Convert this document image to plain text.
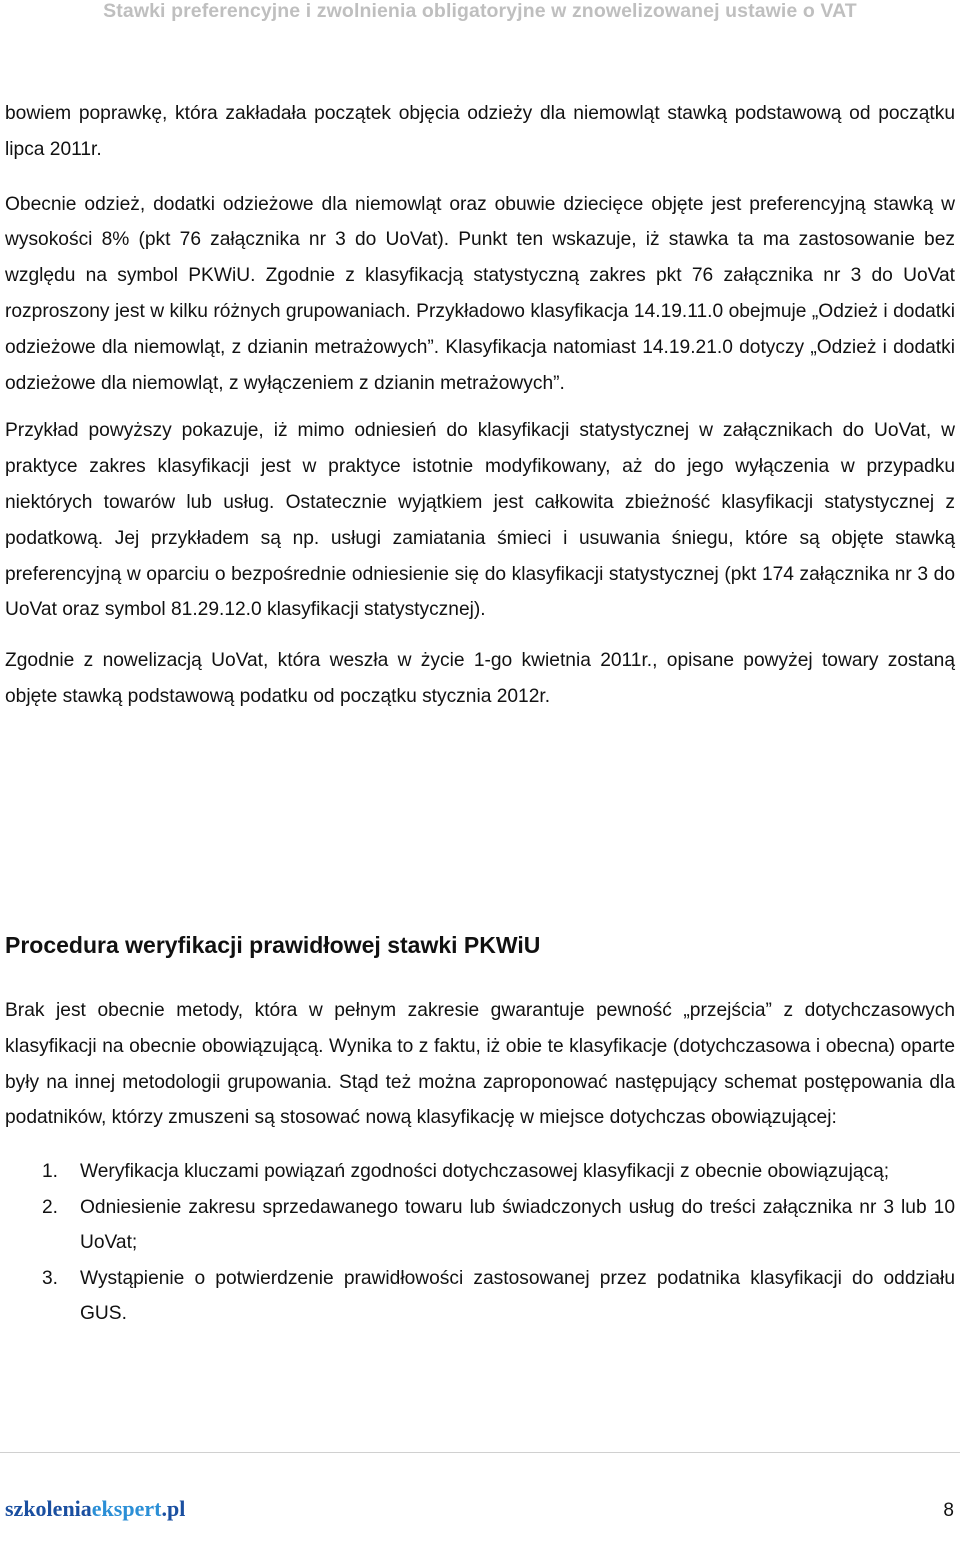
Stawki preferencyjne i zwolnienia obligatoryjne w znowelizowanej ustawie o VAT

bowiem poprawkę, która zakładała początek objęcia odzieży dla niemowląt stawką podstawową od początku lipca 2011r.

Obecnie odzież, dodatki odzieżowe dla niemowląt oraz obuwie dziecięce objęte jest preferencyjną stawką w wysokości 8% (pkt 76 załącznika nr 3 do UoVat). Punkt ten wskazuje, iż stawka ta ma zastosowanie bez względu na symbol PKWiU. Zgodnie z klasyfikacją statystyczną zakres pkt 76 załącznika nr 3 do UoVat rozproszony jest w kilku różnych grupowaniach. Przykładowo klasyfikacja 14.19.11.0 obejmuje „Odzież i dodatki odzieżowe dla niemowląt, z dzianin metrażowych”. Klasyfikacja natomiast 14.19.21.0 dotyczy „Odzież i dodatki odzieżowe dla niemowląt, z wyłączeniem z dzianin metrażowych”.

Przykład powyższy pokazuje, iż mimo odniesień do klasyfikacji statystycznej w załącznikach do UoVat, w praktyce zakres klasyfikacji jest w praktyce istotnie modyfikowany, aż do jego wyłączenia w przypadku niektórych towarów lub usług. Ostatecznie wyjątkiem jest całkowita zbieżność klasyfikacji statystycznej z podatkową. Jej przykładem są np. usługi zamiatania śmieci i usuwania śniegu, które są objęte stawką preferencyjną w oparciu o bezpośrednie odniesienie się do klasyfikacji statystycznej (pkt 174 załącznika nr 3 do UoVat oraz symbol 81.29.12.0 klasyfikacji statystycznej).

Zgodnie z nowelizacją UoVat, która weszła w życie 1-go kwietnia 2011r., opisane powyżej towary zostaną objęte stawką podstawową podatku od początku stycznia 2012r.

Procedura weryfikacji prawidłowej stawki PKWiU

Brak jest obecnie metody, która w pełnym zakresie gwarantuje pewność „przejścia” z dotychczasowych klasyfikacji na obecnie obowiązującą. Wynika to z faktu, iż obie te klasyfikacje (dotychczasowa i obecna) oparte były na innej metodologii grupowania. Stąd też można zaproponować następujący schemat postępowania dla podatników, którzy zmuszeni są stosować nową klasyfikację w miejsce dotychczas obowiązującej:

1. Weryfikacja kluczami powiązań zgodności dotychczasowej klasyfikacji z obecnie obowiązującą;
2. Odniesienie zakresu sprzedawanego towaru lub świadczonych usług do treści załącznika nr 3 lub 10 UoVat;
3. Wystąpienie o potwierdzenie prawidłowości zastosowanej przez podatnika klasyfikacji do oddziału GUS.
szkoleniaekspert.pl	8
